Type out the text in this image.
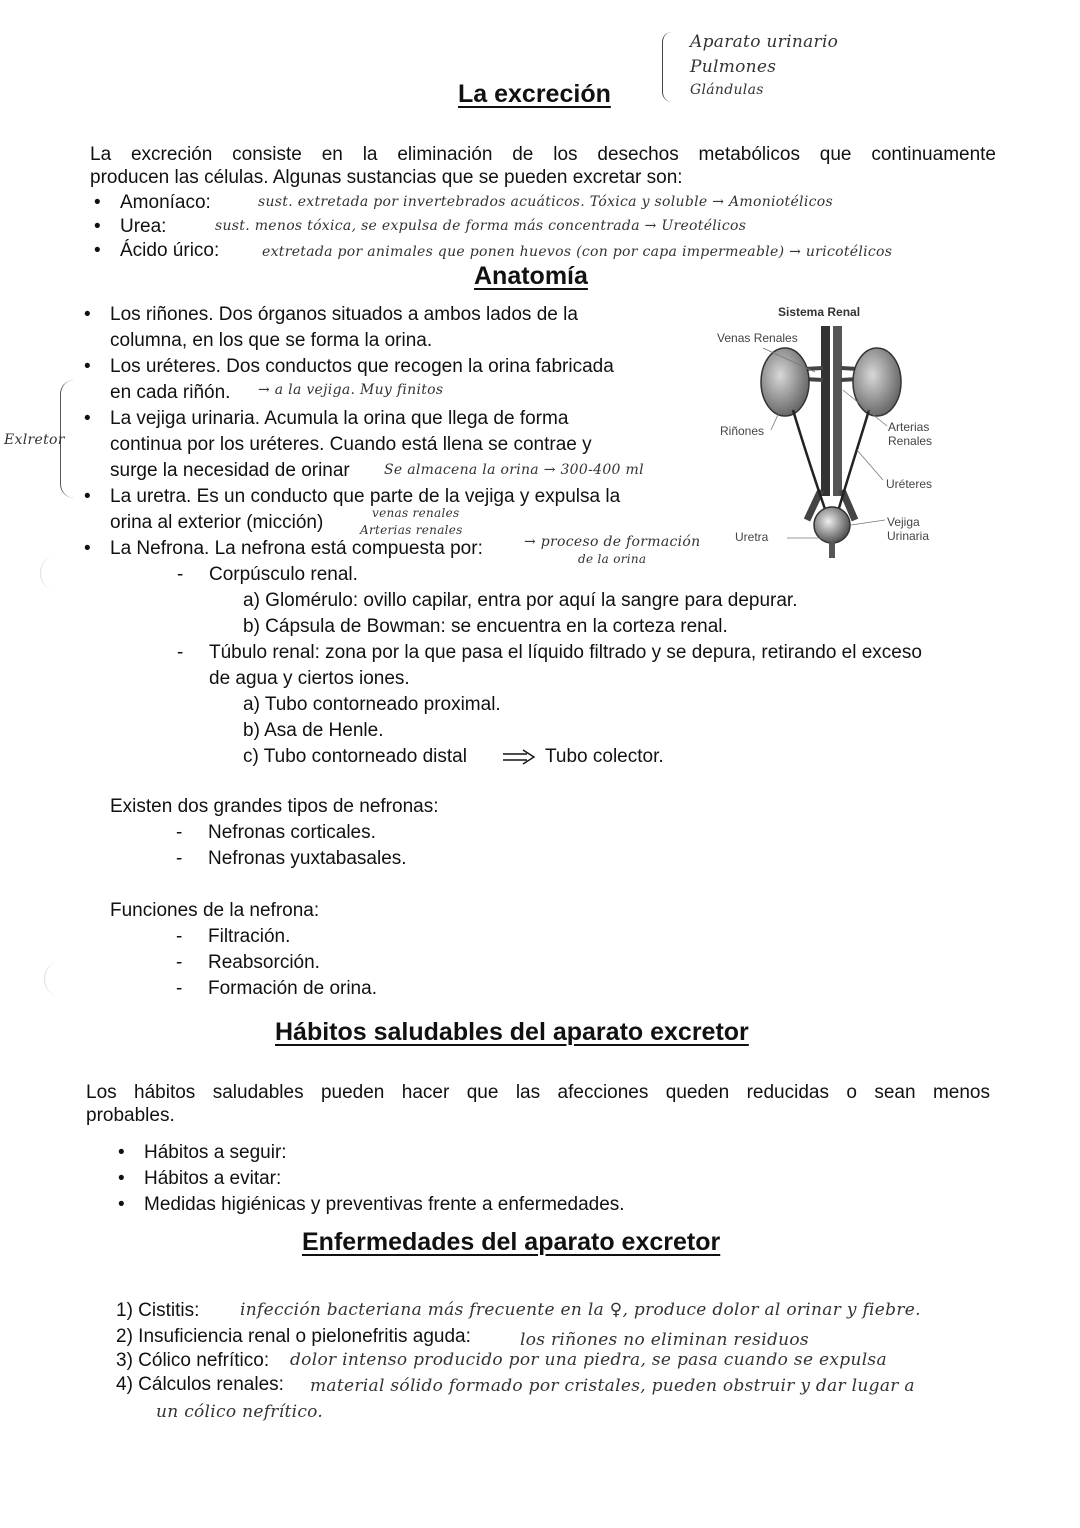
La excreción
Aparato urinario
Pulmones
Glándulas
La excreción consiste en la eliminación de los desechos metabólicos que continuamente
producen las células. Algunas sustancias que se pueden excretar son:
• Amoníaco:	sust. extretada por invertebrados acuáticos. Tóxica y soluble → Amoniotélicos
• Urea:	sust. menos tóxica, se expulsa de forma más concentrada → Ureotélicos
• Ácido úrico:	extretada por animales que ponen huevos (con por capa impermeable) → uricotélicos
Anatomía
Exlretor
• Los riñones. Dos órganos situados a ambos lados de la
columna, en los que se forma la orina.
• Los uréteres. Dos conductos que recogen la orina fabricada
en cada riñón. → a la vejiga. Muy finitos
• La vejiga urinaria. Acumula la orina que llega de forma
continua por los uréteres. Cuando está llena se contrae y
surge la necesidad de orinar Se almacena la orina → 300-400 ml
• La uretra. Es un conducto que parte de la vejiga y expulsa la
orina al exterior (micción)	venas renales
Arterias renales
• La Nefrona. La nefrona está compuesta por:	→ proceso de formación
de la orina
- Corpúsculo renal.
a) Glomérulo: ovillo capilar, entra por aquí la sangre para depurar.
b) Cápsula de Bowman: se encuentra en la corteza renal.
- Túbulo renal: zona por la que pasa el líquido filtrado y se depura, retirando el exceso
de agua y ciertos iones.
a) Tubo contorneado proximal.
b) Asa de Henle.
c) Tubo contorneado distal	Tubo colector.
Existen dos grandes tipos de nefronas:
- Nefronas corticales.
- Nefronas yuxtabasales.
Funciones de la nefrona:
- Filtración.
- Reabsorción.
- Formación de orina.
Sistema Renal
Venas Renales
Riñones	Arterias Renales
Uréteres
Uretra
Vejiga Urinaria
Hábitos saludables del aparato excretor
Los hábitos saludables pueden hacer que las afecciones queden reducidas o sean menos
probables.
• Hábitos a seguir:
• Hábitos a evitar:
• Medidas higiénicas y preventivas frente a enfermedades.
Enfermedades del aparato excretor
1) Cistitis: infección bacteriana más frecuente en la ♀, produce dolor al orinar y fiebre.
2) Insuficiencia renal o pielonefritis aguda:	los riñones no eliminan residuos
3) Cólico nefrítico: dolor intenso producido por una piedra, se pasa cuando se expulsa
4) Cálculos renales: material sólido formado por cristales, pueden obstruir y dar lugar a
un cólico nefrítico.
